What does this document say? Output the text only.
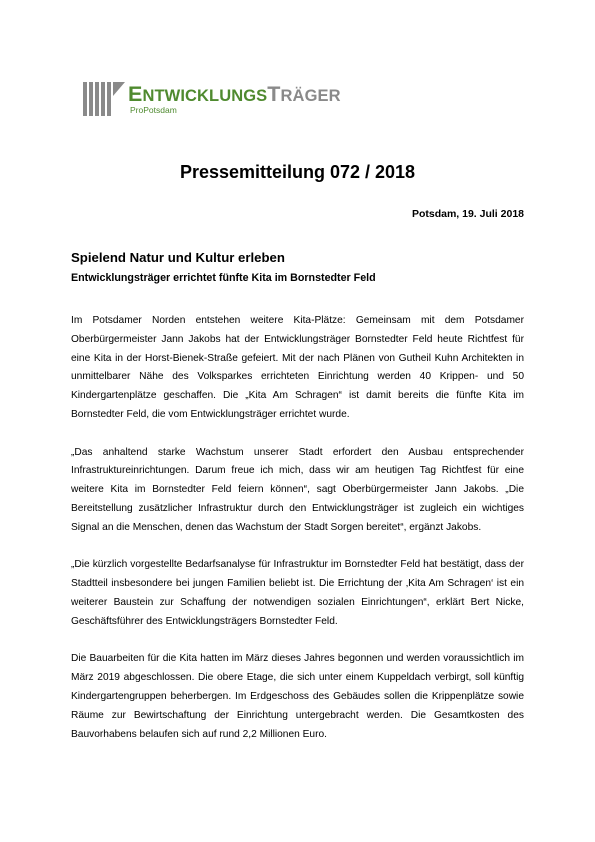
ENTWICKLUNGSTRÄGER
ProPotsdam
Pressemitteilung 072 / 2018
Potsdam, 19. Juli 2018
Spielend Natur und Kultur erleben
Entwicklungsträger errichtet fünfte Kita im Bornstedter Feld

Im Potsdamer Norden entstehen weitere Kita-Plätze: Gemeinsam mit dem Potsdamer Oberbürgermeister Jann Jakobs hat der Entwicklungsträger Bornstedter Feld heute Richtfest für eine Kita in der Horst-Bienek-Straße gefeiert. Mit der nach Plänen von Gutheil Kuhn Architekten in unmittelbarer Nähe des Volksparkes errichteten Einrichtung werden 40 Krippen- und 50 Kindergartenplätze geschaffen. Die „Kita Am Schragen“ ist damit bereits die fünfte Kita im Bornstedter Feld, die vom Entwicklungsträger errichtet wurde.

„Das anhaltend starke Wachstum unserer Stadt erfordert den Ausbau entsprechender Infrastruktureinrichtungen. Darum freue ich mich, dass wir am heutigen Tag Richtfest für eine weitere Kita im Bornstedter Feld feiern können“, sagt Oberbürgermeister Jann Jakobs. „Die Bereitstellung zusätzlicher Infrastruktur durch den Entwicklungsträger ist zugleich ein wichtiges Signal an die Menschen, denen das Wachstum der Stadt Sorgen bereitet“, ergänzt Jakobs.

„Die kürzlich vorgestellte Bedarfsanalyse für Infrastruktur im Bornstedter Feld hat bestätigt, dass der Stadtteil insbesondere bei jungen Familien beliebt ist. Die Errichtung der ‚Kita Am Schragen‘ ist ein weiterer Baustein zur Schaffung der notwendigen sozialen Einrichtungen“, erklärt Bert Nicke, Geschäftsführer des Entwicklungsträgers Bornstedter Feld.

Die Bauarbeiten für die Kita hatten im März dieses Jahres begonnen und werden voraussichtlich im März 2019 abgeschlossen. Die obere Etage, die sich unter einem Kuppeldach verbirgt, soll künftig Kindergartengruppen beherbergen. Im Erdgeschoss des Gebäudes sollen die Krippenplätze sowie Räume zur Bewirtschaftung der Einrichtung untergebracht werden. Die Gesamtkosten des Bauvorhabens belaufen sich auf rund 2,2 Millionen Euro.
